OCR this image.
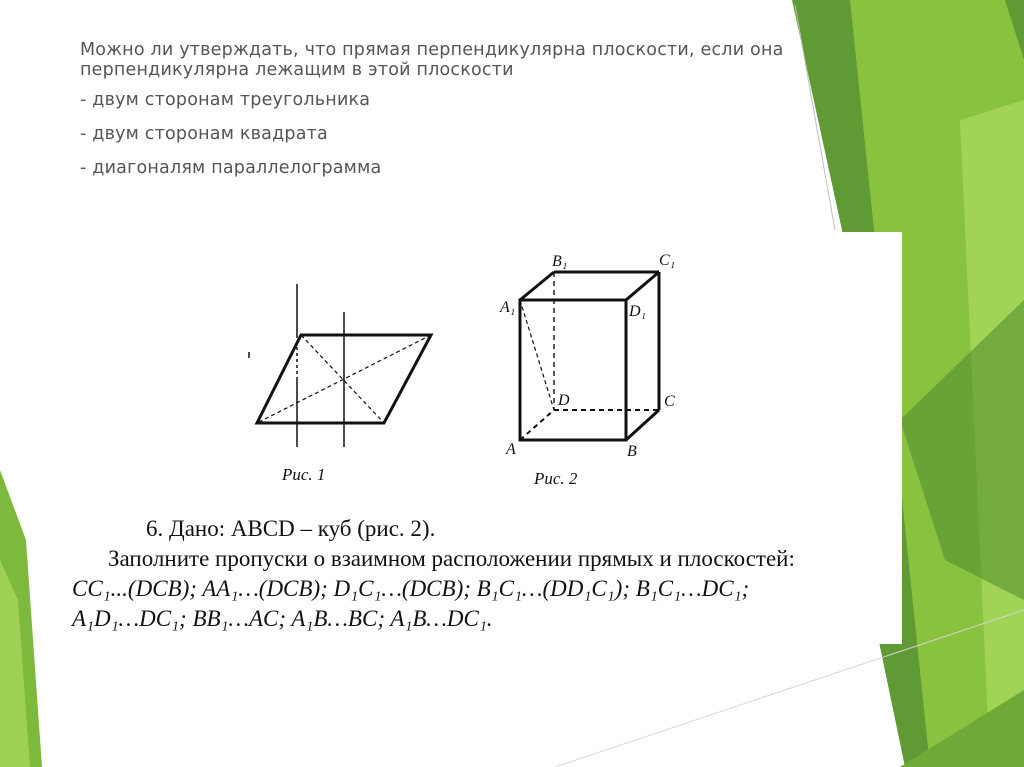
Можно ли утверждать, что прямая перпендикулярна плоскости, если она перпендикулярна лежащим в этой плоскости

- двум сторонам треугольника

- двум сторонам квадрата

- диагоналям параллелограмма

Рис. 1
B₁	C₁
A₁	D₁
D	C
A	B
Рис. 2
6. Дано: ABCD – куб (рис. 2).
Заполните пропуски о взаимном расположении прямых и плоскостей:
CC₁...(DCB); AA₁…(DCB); D₁C₁…(DCB); B₁C₁…(DD₁C₁); B₁C₁…DC₁;
A₁D₁…DC₁; BB₁…AC; A₁B…BC; A₁B…DC₁.
